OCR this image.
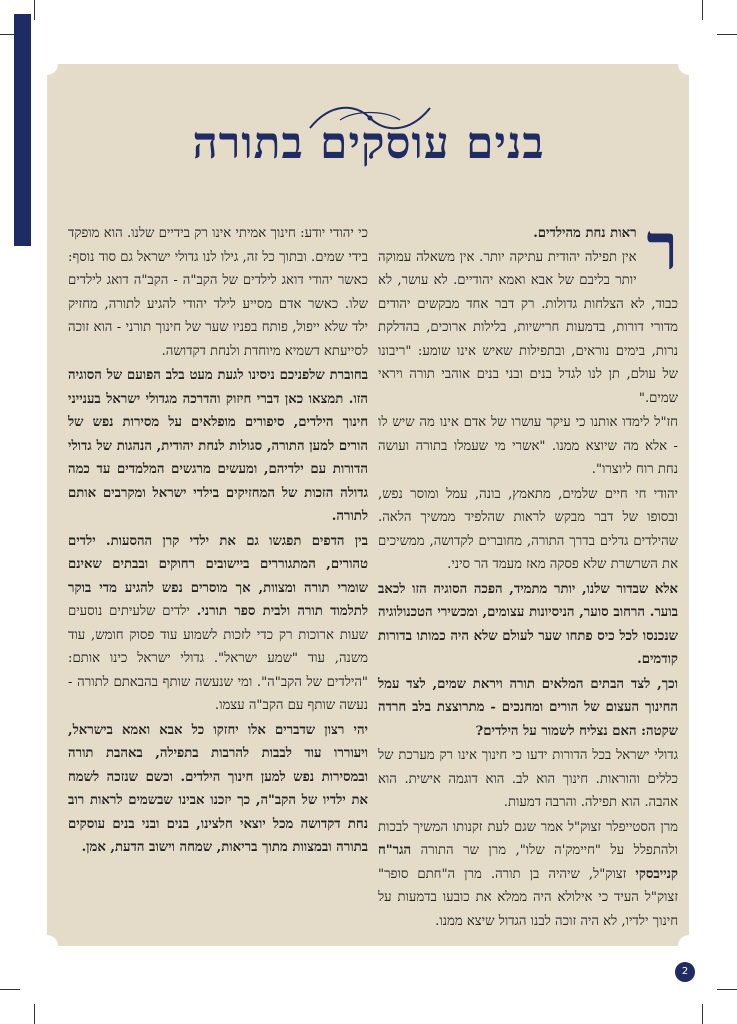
בנים עוסקים בתורה
ר

ראות נחת מהילדים.
אין תפילה יהודית עתיקה יותר. אין משאלה עמוקה יותר בליבם של אבא ואמא יהודיים. לא עושר, לא כבוד, לא הצלחות גדולות. רק דבר אחד מבקשים יהודים מדורי דורות, בדמעות חרישיות, בלילות ארוכים, בהדלקת נרות, בימים נוראים, ובתפילות שאיש אינו שומע: "ריבונו של עולם, תן לנו לגדל בנים ובני בנים אוהבי תורה ויראי שמים."

חז"ל לימדו אותנו כי עיקר עושרו של אדם אינו מה שיש לו - אלא מה שיוצא ממנו. "אשרי מי שעמלו בתורה ועושה נחת רוח ליוצרו".

יהודי חי חיים שלמים, מתאמץ, בונה, עמל ומוסר נפש, ובסופו של דבר מבקש לראות שהלפיד ממשיך הלאה. שהילדים גדלים בדרך התורה, מחוברים לקדושה, ממשיכים את השרשרת שלא פסקה מאז מעמד הר סיני.

אלא שבדור שלנו, יותר מתמיד, הפכה הסוגיה הזו לכאב בוער. הרחוב סוער, הניסיונות עצומים, ומכשירי הטכנולוגיה שנכנסו לכל כיס פתחו שער לעולם שלא היה כמותו בדורות קודמים.

וכך, לצד הבתים המלאים תורה ויראת שמים, לצד עמל החינוך העצום של הורים ומחנכים - מתרוצצת בלב חרדה שקטה: האם נצליח לשמור על הילדים?

גדולי ישראל בכל הדורות ידעו כי חינוך אינו רק מערכת של כללים והוראות. חינוך הוא לב. הוא דוגמה אישית. הוא אהבה. הוא תפילה. והרבה דמעות.

מרן הסטייפלר זצוק"ל אמר שגם לעת זקנותו המשיך לבכות ולהתפלל על "חיימק'ה שלו", מרן שר התורה הגר"ח קנייבסקי זצוק"ל, שיהיה בן תורה. מרן ה"חתם סופר" זצוק"ל העיד כי אילולא היה ממלא את כובעו בדמעות על חינוך ילדיו, לא היה זוכה לבנו הגדול שיצא ממנו.

כי יהודי יודע: חינוך אמיתי אינו רק בידיים שלנו. הוא מופקד בידי שמים. ובתוך כל זה, גילו לנו גדולי ישראל גם סוד נוסף: כאשר יהודי דואג לילדים של הקב"ה - הקב"ה דואג לילדים שלו. כאשר אדם מסייע לילד יהודי להגיע לתורה, מחזיק ילד שלא ייפול, פותח בפניו שער של חינוך תורני - הוא זוכה לסייעתא דשמיא מיוחדת ולנחת דקדושה.

בחוברת שלפניכם ניסינו לגעת מעט בלב הפועם של הסוגיה הזו. תמצאו כאן דברי חיזוק והדרכה מגדולי ישראל בענייני חינוך הילדים, סיפורים מופלאים על מסירות נפש של הורים למען התורה, סגולות לנחת יהודית, הנהגות של גדולי הדורות עם ילדיהם, ומעשים מרגשים המלמדים עד כמה גדולה הזכות של המחזיקים בילדי ישראל ומקרבים אותם לתורה.

בין הדפים תפגשו גם את ילדי קרן ההסעות. ילדים טהורים, המתגוררים ביישובים רחוקים ובבתים שאינם שומרי תורה ומצוות, אך מוסרים נפש להגיע מדי בוקר לתלמוד תורה ולבית ספר תורני. ילדים שלעיתים נוסעים שעות ארוכות רק כדי לזכות לשמוע עוד פסוק חומש, עוד משנה, עוד "שמע ישראל". גדולי ישראל כינו אותם: "הילדים של הקב"ה". ומי שנעשה שותף בהבאתם לתורה - נעשה שותף עם הקב"ה עצמו.

יהי רצון שדברים אלו יחזקו כל אבא ואמא בישראל, ויעוררו עוד לבבות להרבות בתפילה, באהבת תורה ובמסירות נפש למען חינוך הילדים. וכשם שנזכה לשמח את ילדיו של הקב"ה, כך יזכנו אבינו שבשמים לראות רוב נחת דקדושה מכל יוצאי חלצינו, בנים ובני בנים עוסקים בתורה ובמצוות מתוך בריאות, שמחה וישוב הדעת, אמן.

2
